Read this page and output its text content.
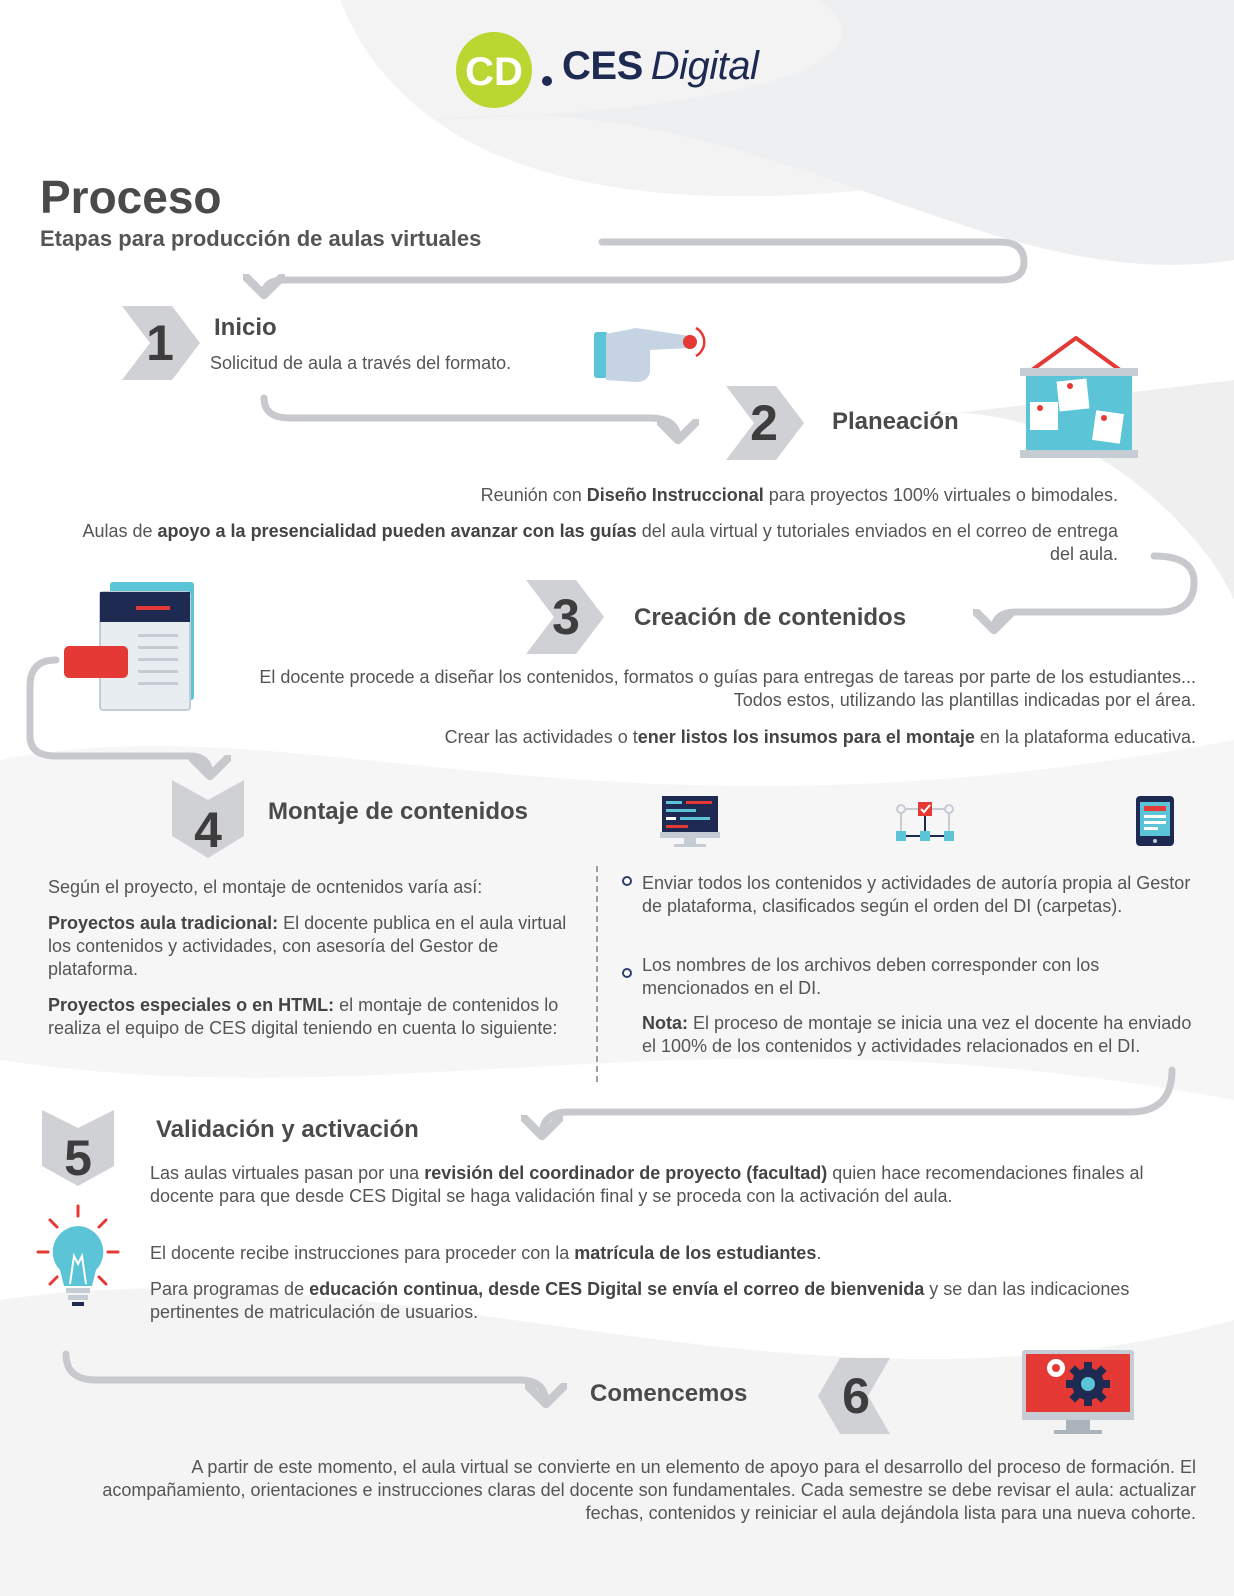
CD CES Digital
Proceso
Etapas para producción de aulas virtuales
1	Inicio
Solicitud de aula a través del formato.
2	Planeación
Reunión con Diseño Instruccional para proyectos 100% virtuales o bimodales.
Aulas de apoyo a la presencialidad pueden avanzar con las guías del aula virtual y tutoriales enviados en el correo de entrega del aula.
3	Creación de contenidos
El docente procede a diseñar los contenidos, formatos o guías para entregas de tareas por parte de los estudiantes... Todos estos, utilizando las plantillas indicadas por el área.
Crear las actividades o tener listos los insumos para el montaje en la plataforma educativa.
4	Montaje de contenidos
Según el proyecto, el montaje de ocntenidos varía así:
Proyectos aula tradicional: El docente publica en el aula virtual los contenidos y actividades, con asesoría del Gestor de plataforma.
Proyectos especiales o en HTML: el montaje de contenidos lo realiza el equipo de CES digital teniendo en cuenta lo siguiente:
Enviar todos los contenidos y actividades de autoría propia al Gestor de plataforma, clasificados según el orden del DI (carpetas).
Los nombres de los archivos deben corresponder con los mencionados en el DI.
Nota: El proceso de montaje se inicia una vez el docente ha enviado el 100% de los contenidos y actividades relacionados en el DI.
5
Validación y activación
Las aulas virtuales pasan por una revisión del coordinador de proyecto (facultad) quien hace recomendaciones finales al docente para que desde CES Digital se haga validación final y se proceda con la activación del aula.
El docente recibe instrucciones para proceder con la matrícula de los estudiantes.
Para programas de educación continua, desde CES Digital se envía el correo de bienvenida y se dan las indicaciones pertinentes de matriculación de usuarios.
6
Comencemos
A partir de este momento, el aula virtual se convierte en un elemento de apoyo para el desarrollo del proceso de formación. El acompañamiento, orientaciones e instrucciones claras del docente son fundamentales. Cada semestre se debe revisar el aula: actualizar fechas, contenidos y reiniciar el aula dejándola lista para una nueva cohorte.
